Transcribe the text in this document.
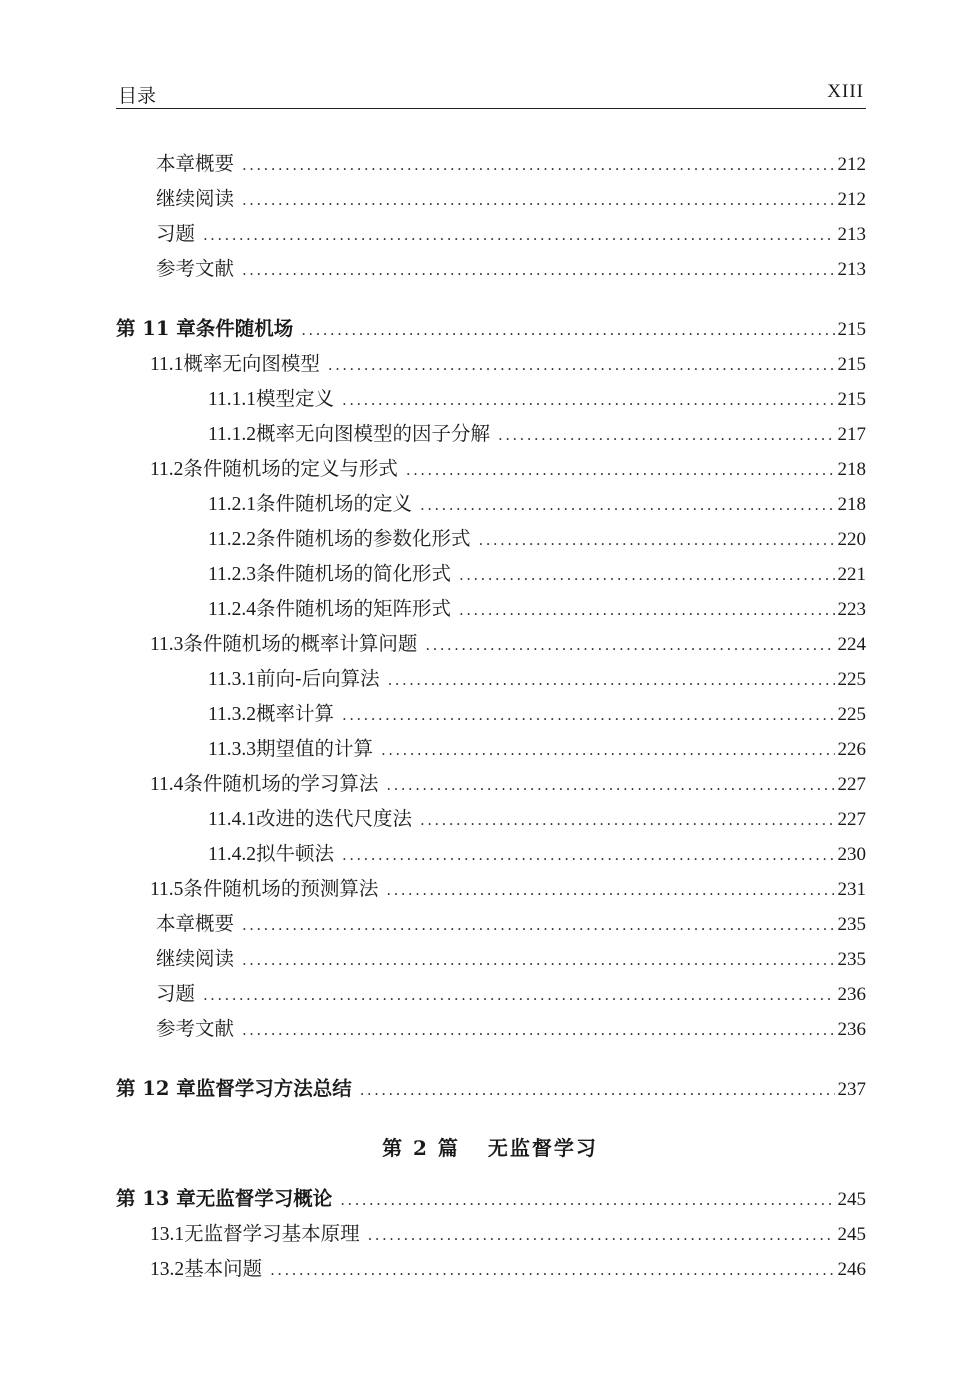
目录	XIII
本章概要 .....	212
继续阅读 .....	212
习题 .....	213
参考文献 .....	213
第 11 章 条件随机场 .....	215
11.1 概率无向图模型 .....	215
11.1.1 模型定义 .....	215
11.1.2 概率无向图模型的因子分解 .....	217
11.2 条件随机场的定义与形式 .....	218
11.2.1 条件随机场的定义 .....	218
11.2.2 条件随机场的参数化形式 .....	220
11.2.3 条件随机场的简化形式 .....	221
11.2.4 条件随机场的矩阵形式 .....	223
11.3 条件随机场的概率计算问题 .....	224
11.3.1 前向-后向算法 .....	225
11.3.2 概率计算 .....	225
11.3.3 期望值的计算 .....	226
11.4 条件随机场的学习算法 .....	227
11.4.1 改进的迭代尺度法 .....	227
11.4.2 拟牛顿法 .....	230
11.5 条件随机场的预测算法 .....	231
本章概要 .....	235
继续阅读 .....	235
习题 .....	236
参考文献 .....	236
第 12 章 监督学习方法总结 .....	237
第 2 篇 无监督学习
第 13 章 无监督学习概论 .....	245
13.1 无监督学习基本原理 .....	245
13.2 基本问题 .....	246
